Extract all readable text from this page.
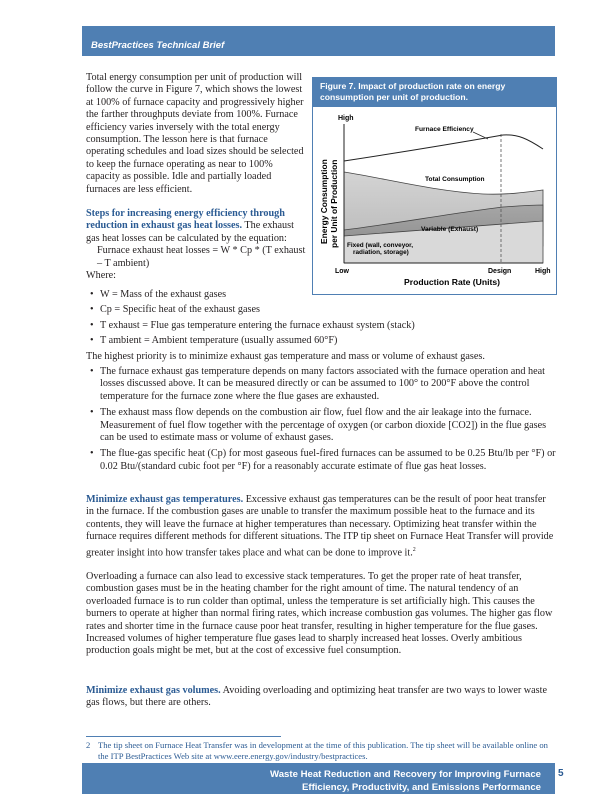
BestPractices Technical Brief

Total energy consumption per unit of production will follow the curve in Figure 7, which shows the lowest at 100% of furnace capacity and progressively higher the farther throughputs deviate from 100%. Furnace efficiency varies inversely with the total energy consumption. The lesson here is that furnace operating schedules and load sizes should be selected to keep the furnace operating as near to 100% capacity as possible. Idle and partially loaded furnaces are less efficient.

Steps for increasing energy efficiency through reduction in exhaust gas heat losses. The exhaust gas heat losses can be calculated by the equation:

Furnace exhaust heat losses = W * Cp * (T exhaust – T ambient)

Where:

Figure 7. Impact of production rate on energy consumption per unit of production.
High
Furnace Efficiency
Total Consumption
Variable (Exhaust)
Fixed (wall, conveyor,
radiation, storage)
Low	Design	High
Production Rate (Units)
Energy Consumption per Unit of Production
• W = Mass of the exhaust gases
• Cp = Specific heat of the exhaust gases
• T exhaust = Flue gas temperature entering the furnace exhaust system (stack)
• T ambient = Ambient temperature (usually assumed 60°F)

The highest priority is to minimize exhaust gas temperature and mass or volume of exhaust gases.

• The furnace exhaust gas temperature depends on many factors associated with the furnace operation and heat losses discussed above. It can be measured directly or can be assumed to 100° to 200°F above the control temperature for the furnace zone where the flue gases are exhausted.
• The exhaust mass flow depends on the combustion air flow, fuel flow and the air leakage into the furnace. Measurement of fuel flow together with the percentage of oxygen (or carbon dioxide [CO2]) in the flue gases can be used to estimate mass or volume of exhaust gases.
• The flue-gas specific heat (Cp) for most gaseous fuel-fired furnaces can be assumed to be 0.25 Btu/lb per °F) or 0.02 Btu/(standard cubic foot per °F) for a reasonably accurate estimate of flue gas heat losses.

Minimize exhaust gas temperatures. Excessive exhaust gas temperatures can be the result of poor heat transfer in the furnace. If the combustion gases are unable to transfer the maximum possible heat to the furnace and its contents, they will leave the furnace at higher temperatures than necessary. Optimizing heat transfer within the furnace requires different methods for different situations. The ITP tip sheet on Furnace Heat Transfer will provide greater insight into how transfer takes place and what can be done to improve it.$^2$

Overloading a furnace can also lead to excessive stack temperatures. To get the proper rate of heat transfer, combustion gases must be in the heating chamber for the right amount of time. The natural tendency of an overloaded furnace is to run colder than optimal, unless the temperature is set artificially high. This causes the burners to operate at higher than normal firing rates, which increase combustion gas volumes. The higher gas flow rates and shorter time in the furnace cause poor heat transfer, resulting in higher temperature for the flue gases. Increased volumes of higher temperature flue gases lead to sharply increased heat losses. Overly ambitious production goals might be met, but at the cost of excessive fuel consumption.

Minimize exhaust gas volumes. Avoiding overloading and optimizing heat transfer are two ways to lower waste gas flows, but there are others.

2 The tip sheet on Furnace Heat Transfer was in development at the time of this publication. The tip sheet will be available online on the ITP BestPractices Web site at www.eere.energy.gov/industry/bestpractices.
Waste Heat Reduction and Recovery for Improving Furnace
Efficiency, Productivity, and Emissions Performance
5
